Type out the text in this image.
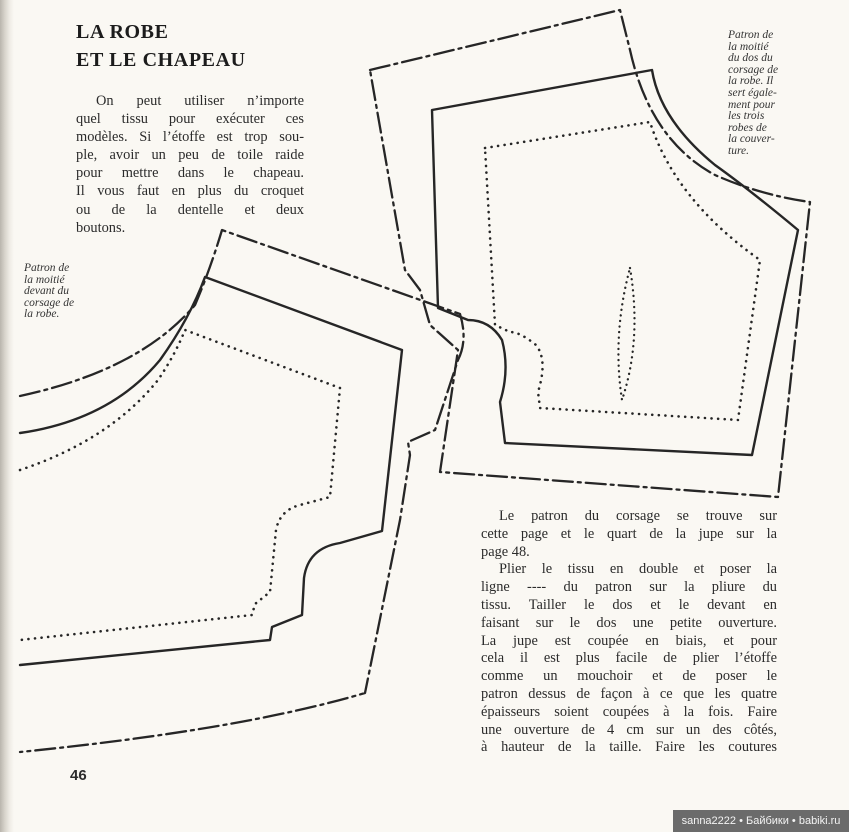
LA ROBE
ET LE CHAPEAU

On peut utiliser n’importe
quel tissu pour exécuter ces
modèles. Si l’étoffe est trop sou-
ple, avoir un peu de toile raide
pour mettre dans le chapeau.
Il vous faut en plus du croquet
ou de la dentelle et deux
boutons.

Patron de
la moitié
du dos du
corsage de
la robe. Il
sert égale-
ment pour
les trois
robes de
la couver-
ture.

Patron de
la moitié
devant du
corsage de
la robe.

Le patron du corsage se trouve sur
cette page et le quart de la jupe sur la
page 48.
Plier le tissu en double et poser la
ligne ---- du patron sur la pliure du
tissu. Tailler le dos et le devant en
faisant sur le dos une petite ouverture.
La jupe est coupée en biais, et pour
cela il est plus facile de plier l’étoffe
comme un mouchoir et de poser le
patron dessus de façon à ce que les quatre
épaisseurs soient coupées à la fois. Faire
une ouverture de 4 cm sur un des côtés,
à hauteur de la taille. Faire les coutures

46

sanna2222 • Байбики • babiki.ru
